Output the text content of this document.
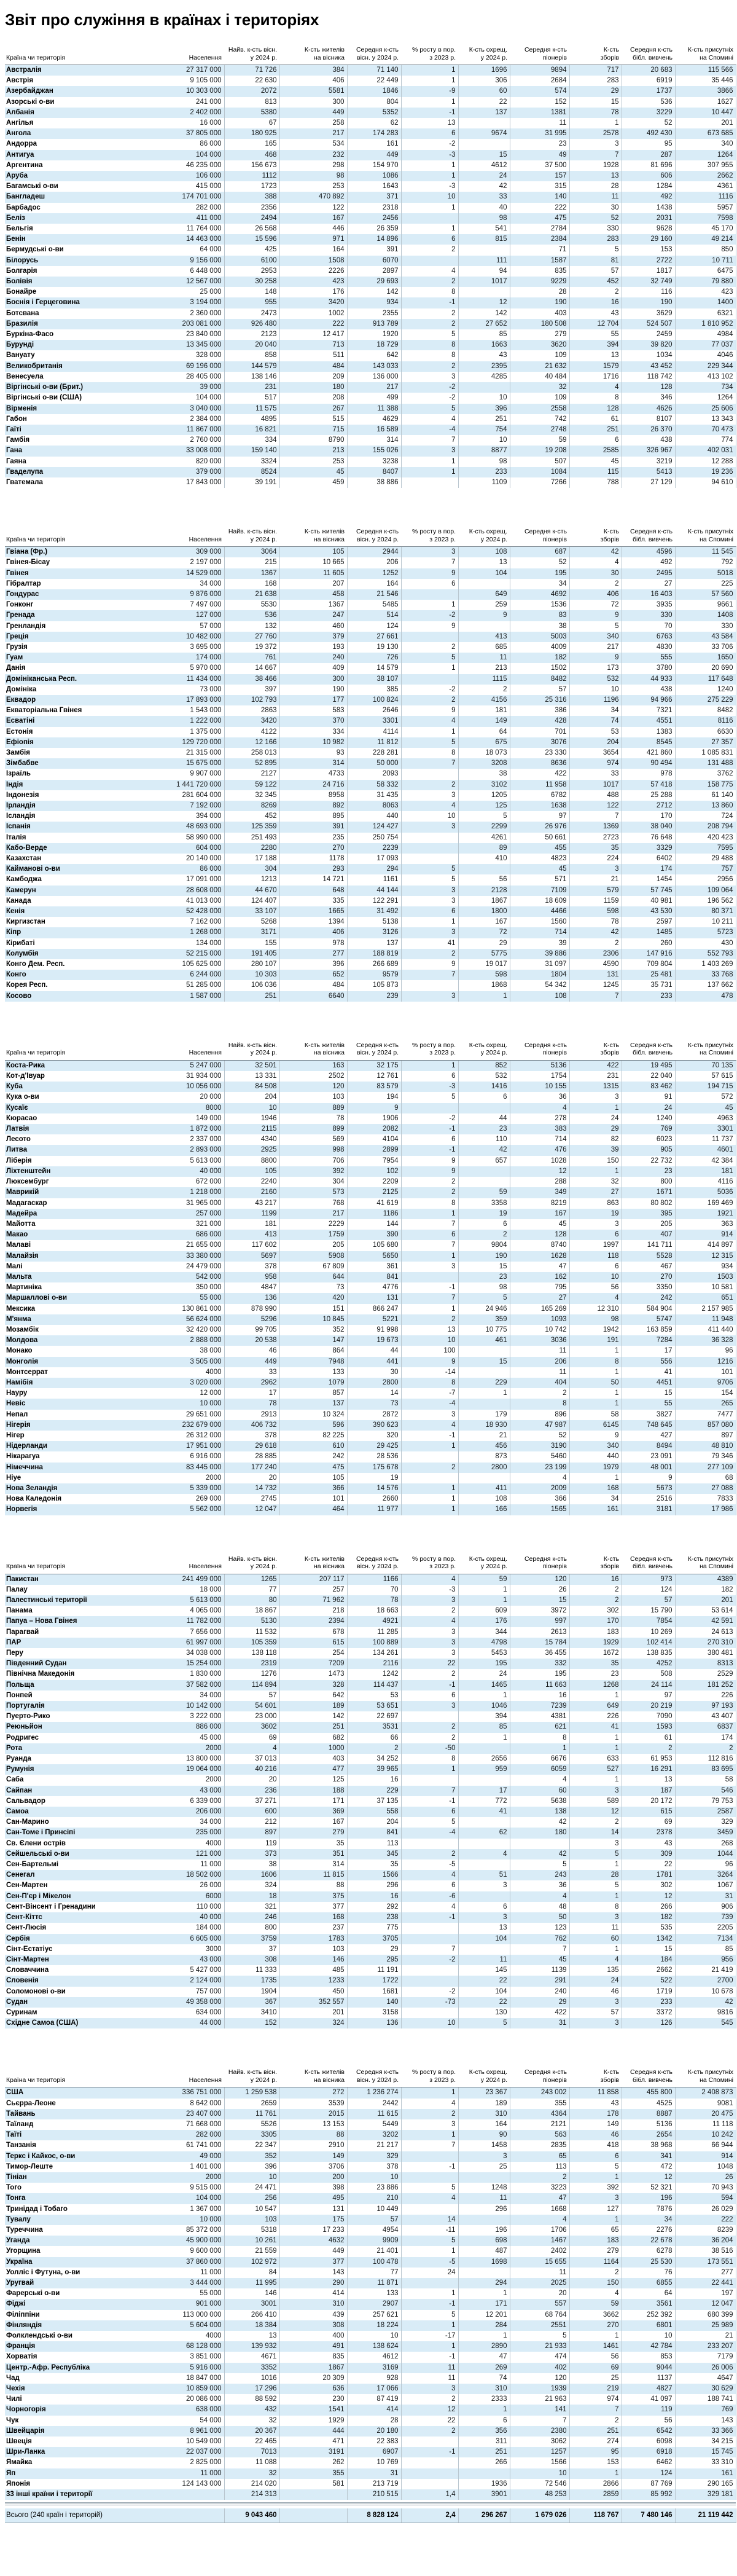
Звіт про служіння в країнах і територіях
Країна чи територія	Населення

Найв. к-сть вісн.
у 2024 р.

К-сть жителів
на вісника

Середня к-сть
вісн. у 2024 р.

% росту в пор.
з 2023 р.

К-сть охрещ.
у 2024 р.

Середня к-сть
піонерів

К-сть
зборів

Середня к-сть
бібл. вивчень

К-сть присутніх
на Спомині

Австралія	27 317 000	71 726	384	71 140	1	1696	9894	717	20 683	115 566
Австрія	9 105 000	22 630	406	22 449	1	306	2684	283	6919	35 446
Азербайджан	10 303 000	2072	5581	1846	-9	60	574	29	1737	3866
Азорські о-ви	241 000	813	300	804	1	22	152	15	536	1627
Албанія	2 402 000	5380	449	5352	-1	137	1381	78	3229	10 447
Ангілья	16 000	67	258	62	13		11	1	52	201
Ангола	37 805 000	180 925	217	174 283	6	9674	31 995	2578	492 430	673 685
Андорра	86 000	165	534	161	-2		23	3	95	340
Антигуа	104 000	468	232	449	-3	15	49	7	287	1264
Аргентина	46 235 000	156 673	298	154 970	1	4612	37 500	1928	81 696	307 955
Аруба	106 000	1112	98	1086	1	24	157	13	606	2662
Багамські о-ви	415 000	1723	253	1643	-3	42	315	28	1284	4361
Бангладеш	174 701 000	388	470 892	371	10	33	140	11	492	1116
Барбадос	282 000	2356	122	2318	1	40	222	30	1438	5957
Беліз	411 000	2494	167	2456		98	475	52	2031	7598
Бельгія	11 764 000	26 568	446	26 359	1	541	2784	330	9628	45 170
Бенін	14 463 000	15 596	971	14 896	6	815	2384	283	29 160	49 214
Бермудські о-ви	64 000	425	164	391	2		71	5	153	850
Білорусь	9 156 000	6100	1508	6070		111	1587	81	2722	10 711
Болгарія	6 448 000	2953	2226	2897	4	94	835	57	1817	6475
Болівія	12 567 000	30 258	423	29 693	2	1017	9229	452	32 749	79 880
Бонайре	25 000	148	176	142	8		28	2	116	423
Боснія і Герцеговина	3 194 000	955	3420	934	-1	12	190	16	190	1400
Ботсвана	2 360 000	2473	1002	2355	2	142	403	43	3629	6321
Бразилія	203 081 000	926 480	222	913 789	2	27 652	180 508	12 704	524 507	1 810 952
Буркіна-Фасо	23 840 000	2123	12 417	1920	5	85	279	55	2459	4984
Бурунді	13 345 000	20 040	713	18 729	8	1663	3620	394	39 820	77 037
Вануату	328 000	858	511	642	8	43	109	13	1034	4046
Великобританія	69 196 000	144 579	484	143 033	2	2395	21 632	1579	43 452	229 344
Венесуела	28 405 000	138 146	209	136 000	3	4285	40 484	1716	118 742	413 102
Віргінські о-ви (Брит.)	39 000	231	180	217	-2		32	4	128	734
Віргінські о-ви (США)	104 000	517	208	499	-2	10	109	8	346	1264
Вірменія	3 040 000	11 575	267	11 388	5	396	2558	128	4626	25 606
Габон	2 384 000	4895	515	4629	4	251	742	61	8107	13 343
Гаїті	11 867 000	16 821	715	16 589	-4	754	2748	251	26 370	70 473
Гамбія	2 760 000	334	8790	314	7	10	59	6	438	774
Гана	33 008 000	159 140	213	155 026	3	8877	19 208	2585	326 967	402 031
Гаяна	820 000	3324	253	3238	1	98	507	45	3219	12 288
Гваделупа	379 000	8524	45	8407	1	233	1084	115	5413	19 236
Гватемала	17 843 000	39 191	459	38 886		1109	7266	788	27 129	94 610
Країна чи територія	Населення

Найв. к-сть вісн.
у 2024 р.

К-сть жителів
на вісника

Середня к-сть
вісн. у 2024 р.

% росту в пор.
з 2023 р.

К-сть охрещ.
у 2024 р.

Середня к-сть
піонерів

К-сть
зборів

Середня к-сть
бібл. вивчень

К-сть присутніх
на Спомині

Гвіана (Фр.)	309 000	3064	105	2944	3	108	687	42	4596	11 545
Гвінея-Бісау	2 197 000	215	10 665	206	7	13	52	4	492	792
Гвінея	14 529 000	1367	11 605	1252	9	104	195	30	2495	5018
Гібралтар	34 000	168	207	164	6		34	2	27	225
Гондурас	9 876 000	21 638	458	21 546		649	4692	406	16 403	57 560
Гонконг	7 497 000	5530	1367	5485	1	259	1536	72	3935	9661
Гренада	127 000	536	247	514	-2	9	83	9	330	1408
Гренландія	57 000	132	460	124	9		38	5	70	330
Греція	10 482 000	27 760	379	27 661		413	5003	340	6763	43 584
Грузія	3 695 000	19 372	193	19 130	2	685	4009	217	4830	33 706
Гуам	174 000	761	240	726	5	11	182	9	555	1650
Данія	5 970 000	14 667	409	14 579	1	213	1502	173	3780	20 690
Домініканська Респ.	11 434 000	38 466	300	38 107		1115	8482	532	44 933	117 648
Домініка	73 000	397	190	385	-2	2	57	10	438	1240
Еквадор	17 893 000	102 793	177	100 824	2	4156	25 316	1196	94 966	275 229
Екваторіальна Гвінея	1 543 000	2863	583	2646	9	181	386	34	7321	8482
Есватіні	1 222 000	3420	370	3301	4	149	428	74	4551	8116
Естонія	1 375 000	4122	334	4114	1	64	701	53	1383	6630
Ефіопія	129 720 000	12 166	10 982	11 812	5	675	3076	204	8545	27 357
Замбія	21 315 000	258 013	93	228 281	8	18 073	23 330	3654	421 860	1 085 831
Зімбабве	15 675 000	52 895	314	50 000	7	3208	8636	974	90 494	131 488
Ізраїль	9 907 000	2127	4733	2093		38	422	33	978	3762
Індія	1 441 720 000	59 122	24 716	58 332	2	3102	11 958	1017	57 418	158 775
Індонезія	281 604 000	32 345	8958	31 435	3	1205	6782	488	25 288	61 140
Ірландія	7 192 000	8269	892	8063	4	125	1638	122	2712	13 860
Ісландія	394 000	452	895	440	10	5	97	7	170	724
Іспанія	48 693 000	125 359	391	124 427	3	2299	26 976	1369	38 040	208 794
Італія	58 990 000	251 493	235	250 754		4261	50 661	2723	76 648	420 423
Кабо-Верде	604 000	2280	270	2239		89	455	35	3329	7595
Казахстан	20 140 000	17 188	1178	17 093		410	4823	224	6402	29 488
Кайманові о-ви	86 000	304	293	294	5		45	3	174	757
Камбоджа	17 091 000	1213	14 721	1161	5	56	571	21	1454	2956
Камерун	28 608 000	44 670	648	44 144	3	2128	7109	579	57 745	109 064
Канада	41 013 000	124 407	335	122 291	3	1867	18 609	1159	40 981	196 562
Кенія	52 428 000	33 107	1665	31 492	6	1800	4466	598	43 530	80 371
Киргизстан	7 162 000	5268	1394	5138	1	167	1560	78	2597	10 211
Кіпр	1 268 000	3171	406	3126	3	72	714	42	1485	5723
Кірибаті	134 000	155	978	137	41	29	39	2	260	430
Колумбія	52 215 000	191 405	277	188 819	2	5775	39 886	2306	147 916	552 793
Конго Дем. Респ.	105 625 000	280 107	396	266 689	9	19 017	31 097	4590	709 804	1 403 269
Конго	6 244 000	10 303	652	9579	7	598	1804	131	25 481	33 768
Корея Респ.	51 285 000	106 036	484	105 873		1868	54 342	1245	35 731	137 662
Косово	1 587 000	251	6640	239	3	1	108	7	233	478
Країна чи територія	Населення

Найв. к-сть вісн.
у 2024 р.

К-сть жителів
на вісника

Середня к-сть
вісн. у 2024 р.

% росту в пор.
з 2023 р.

К-сть охрещ.
у 2024 р.

Середня к-сть
піонерів

К-сть
зборів

Середня к-сть
бібл. вивчень

К-сть присутніх
на Спомині

Коста-Рика	5 247 000	32 501	163	32 175	1	852	5136	422	19 495	70 135
Кот-д'Івуар	31 934 000	13 331	2502	12 761	6	532	1754	231	22 040	57 615
Куба	10 056 000	84 508	120	83 579	-3	1416	10 155	1315	83 462	194 715
Кука о-ви	20 000	204	103	194	5	6	36	3	91	572
Кусаїє	8000	10	889	9			4	1	24	45
Кюрасао	149 000	1946	78	1906	-2	44	278	24	1240	4963
Латвія	1 872 000	2115	899	2082	-1	23	383	29	769	3301
Лесото	2 337 000	4340	569	4104	6	110	714	82	6023	11 737
Литва	2 893 000	2925	998	2899	-1	42	476	39	905	4601
Ліберія	5 613 000	8800	706	7954	9	657	1028	150	22 732	42 384
Ліхтенштейн	40 000	105	392	102	9		12	1	23	181
Люксембург	672 000	2240	304	2209	2		288	32	800	4116
Маврикій	1 218 000	2160	573	2125	2	59	349	27	1671	5036
Мадагаскар	31 965 000	43 217	768	41 619	8	3358	8219	863	80 802	169 469
Мадейра	257 000	1199	217	1186	1	19	167	19	395	1921
Майотта	321 000	181	2229	144	7	6	45	3	205	363
Макао	686 000	413	1759	390	6	2	128	6	407	914
Малаві	21 655 000	117 602	205	105 680	7	9804	8740	1997	141 711	414 897
Малайзія	33 380 000	5697	5908	5650	1	190	1628	118	5528	12 315
Малі	24 479 000	378	67 809	361	3	15	47	6	467	934
Мальта	542 000	958	644	841		23	162	10	270	1503
Мартиніка	350 000	4847	73	4776	-1	98	795	56	3350	10 581
Маршаллові о-ви	55 000	136	420	131	7	5	27	4	242	651
Мексика	130 861 000	878 990	151	866 247	1	24 946	165 269	12 310	584 904	2 157 985
М'янма	56 624 000	5296	10 845	5221	2	359	1093	98	5747	11 948
Мозамбік	32 420 000	99 705	352	91 998	13	10 775	10 742	1942	163 859	411 440
Молдова	2 888 000	20 538	147	19 673	10	461	3036	191	7284	36 328
Монако	38 000	46	864	44	100		11	1	17	96
Монголія	3 505 000	449	7948	441	9	15	206	8	556	1216
Монтсеррат	4000	33	133	30	-14		11	1	41	101
Намібія	3 020 000	2962	1079	2800	8	229	404	50	4451	9706
Науру	12 000	17	857	14	-7	1	2	1	15	154
Невіс	10 000	78	137	73	-4		8	1	55	265
Непал	29 651 000	2913	10 324	2872	3	179	896	58	3827	7477
Нігерія	232 679 000	406 732	596	390 623	4	18 930	47 987	6145	748 645	857 080
Нігер	26 312 000	378	82 225	320	-1	21	52	9	427	897
Нідерланди	17 951 000	29 618	610	29 425	1	456	3190	340	8494	48 810
Нікарагуа	6 916 000	28 885	242	28 536		873	5460	440	23 091	79 346
Німеччина	83 445 000	177 240	475	175 678	2	2800	23 199	1979	48 001	277 109
Ніуе	2000	20	105	19			4	1	9	68
Нова Зеландія	5 339 000	14 732	366	14 576	1	411	2009	168	5673	27 088
Нова Каледонія	269 000	2745	101	2660	1	108	366	34	2516	7833
Норвегія	5 562 000	12 047	464	11 977	1	166	1565	161	3181	17 986
Країна чи територія	Населення

Найв. к-сть вісн.
у 2024 р.

К-сть жителів
на вісника

Середня к-сть
вісн. у 2024 р.

% росту в пор.
з 2023 р.

К-сть охрещ.
у 2024 р.

Середня к-сть
піонерів

К-сть
зборів

Середня к-сть
бібл. вивчень

К-сть присутніх
на Спомині

Пакистан	241 499 000	1265	207 117	1166	4	59	120	16	973	4389
Палау	18 000	77	257	70	-3	1	26	2	124	182
Палестинські території	5 613 000	80	71 962	78	3	1	15	2	57	201
Панама	4 065 000	18 867	218	18 663	2	609	3972	302	15 790	53 614
Папуа – Нова Гвінея	11 782 000	5130	2394	4921	4	176	997	170	7854	42 591
Парагвай	7 656 000	11 532	678	11 285	3	344	2613	183	10 269	24 613
ПАР	61 997 000	105 359	615	100 889	3	4798	15 784	1929	102 414	270 310
Перу	34 038 000	138 118	254	134 261	3	5453	36 455	1672	138 835	380 481
Південний Судан	15 254 000	2319	7209	2116	22	195	332	35	4252	8313
Північна Македонія	1 830 000	1276	1473	1242	2	24	195	23	508	2529
Польща	37 582 000	114 894	328	114 437	-1	1465	11 663	1268	24 114	181 252
Понпей	34 000	57	642	53	6	1	16	1	97	226
Португалія	10 142 000	54 601	189	53 651	3	1046	7239	649	20 219	97 193
Пуерто-Рико	3 222 000	23 000	142	22 697		394	4381	226	7090	43 407
Реюньйон	886 000	3602	251	3531	2	85	621	41	1593	6837
Родригес	45 000	69	682	66	2	1	8	1	61	174
Рота	2000	4	1000	2	-50		1	1	2	2
Руанда	13 800 000	37 013	403	34 252	8	2656	6676	633	61 953	112 816
Румунія	19 064 000	40 216	477	39 965	1	959	6059	527	16 291	83 695
Саба	2000	20	125	16			4	1	13	58
Сайпан	43 000	236	188	229	7	17	60	3	187	546
Сальвадор	6 339 000	37 271	171	37 135	-1	772	5638	589	20 172	79 753
Самоа	206 000	600	369	558	6	41	138	12	615	2587
Сан-Марино	34 000	212	167	204	5		42	2	69	329
Сан-Томе і Принсіпі	235 000	897	279	841	-4	62	180	14	2378	3459
Св. Єлени острів	4000	119	35	113				3	43	268
Сейшельські о-ви	121 000	373	351	345	2	4	42	5	309	1044
Сен-Бартельмі	11 000	38	314	35	-5		5	1	22	96
Сенегал	18 502 000	1606	11 815	1566	4	51	243	28	1781	3264
Сен-Мартен	26 000	324	88	296	6	3	36	5	302	1067
Сен-П'єр і Мікелон	6000	18	375	16	-6		4	1	12	31
Сент-Вінсент і Гренадини	110 000	321	377	292	4	6	48	8	266	906
Сент-Кіттс	40 000	246	168	238	-1	3	50	3	182	739
Сент-Люсія	184 000	800	237	775		13	123	11	535	2205
Сербія	6 605 000	3759	1783	3705		104	762	60	1342	7134
Сінт-Естатіус	3000	37	103	29	7		7	1	15	85
Сінт-Мартен	43 000	308	146	295	-2	11	45	4	184	956
Словаччина	5 427 000	11 333	485	11 191		145	1139	135	2662	21 419
Словенія	2 124 000	1735	1233	1722		22	291	24	522	2700
Соломонові о-ви	757 000	1904	450	1681	-2	104	240	46	1719	10 678
Судан	49 358 000	367	352 557	140	-73	22	29	3	233	42
Суринам	634 000	3410	201	3158		130	422	57	3372	9816
Східне Самоа (США)	44 000	152	324	136	10	5	31	3	126	545
Країна чи територія	Населення

Найв. к-сть вісн.
у 2024 р.

К-сть жителів
на вісника

Середня к-сть
вісн. у 2024 р.

% росту в пор.
з 2023 р.

К-сть охрещ.
у 2024 р.

Середня к-сть
піонерів

К-сть
зборів

Середня к-сть
бібл. вивчень

К-сть присутніх
на Спомині

США	336 751 000	1 259 538	272	1 236 274	1	23 367	243 002	11 858	455 800	2 408 873
Сьєрра-Леоне	8 642 000	2659	3539	2442	4	189	355	43	4525	9081
Тайвань	23 407 000	11 761	2015	11 615	2	310	4364	178	8887	20 475
Таїланд	71 668 000	5526	13 153	5449	3	164	2121	149	5136	11 118
Таїті	282 000	3305	88	3202	1	90	563	46	2654	10 242
Танзанія	61 741 000	22 347	2910	21 217	7	1458	2835	418	38 968	66 944
Теркс і Кайкос, о-ви	49 000	352	149	329		3	65	6	341	914
Тимор-Леште	1 401 000	396	3706	378	-1	25	113	5	472	1048
Тініан	2000	10	200	10			2	1	12	26
Того	9 515 000	24 471	398	23 886	5	1248	3223	392	52 321	70 943
Тонга	104 000	256	495	210	4	11	47	3	196	594
Тринідад і Тобаго	1 367 000	10 547	131	10 449		296	1668	127	7876	26 029
Тувалу	10 000	103	175	57	14		4	1	34	222
Туреччина	85 372 000	5318	17 233	4954	-11	196	1706	65	2276	8239
Уганда	45 900 000	10 261	4632	9909	5	698	1467	183	22 678	36 204
Угорщина	9 600 000	21 559	449	21 401	1	487	2402	279	6278	38 516
Україна	37 860 000	102 972	377	100 478	-5	1698	15 655	1164	25 530	173 551
Уолліс і Футуна, о-ви	11 000	84	143	77	24		11	2	76	277
Уругвай	3 444 000	11 995	290	11 871		294	2025	150	6855	22 441
Фарерські о-ви	55 000	146	414	133	1	1	20	4	64	197
Фіджі	901 000	3001	310	2907	-1	171	557	59	3561	12 047
Філіппіни	113 000 000	266 410	439	257 621	5	12 201	68 764	3662	252 392	680 399
Фінляндія	5 604 000	18 384	308	18 224	1	284	2551	270	6801	25 989
Фолклендські о-ви	4000	13	400	10	-17	1	5	1	10	21
Франція	68 128 000	139 932	491	138 624	1	2890	21 933	1461	42 784	233 207
Хорватія	3 851 000	4671	835	4612	-1	47	474	56	853	7179
Центр.-Афр. Республіка	5 916 000	3352	1867	3169	11	269	402	69	9044	26 006
Чад	18 847 000	1016	20 309	928	11	74	120	25	1137	4647
Чехія	10 859 000	17 296	636	17 066	3	310	1939	219	4827	30 629
Чилі	20 086 000	88 592	230	87 419	2	2333	21 963	974	41 097	188 741
Чорногорія	638 000	432	1541	414	12	1	141	7	119	769
Чук	54 000	32	1929	28	22	6	7	2	56	143
Швейцарія	8 961 000	20 367	444	20 180	2	356	2380	251	6542	33 366
Швеція	10 549 000	22 465	471	22 383		311	3062	274	6098	34 215
Шри-Ланка	22 037 000	7013	3191	6907	-1	251	1257	95	6918	15 745
Ямайка	2 825 000	11 088	262	10 769		266	1566	153	6462	33 310
Яп	11 000	32	355	31			10	1	124	161
Японія	124 143 000	214 020	581	213 719		1936	72 546	2866	87 769	290 165
33 інші країни і території		214 313		210 515	1,4	3901	48 253	2859	85 992	329 181
Всього (240 країн і територій)		9 043 460		8 828 124	2,4	296 267	1 679 026	118 767	7 480 146	21 119 442
